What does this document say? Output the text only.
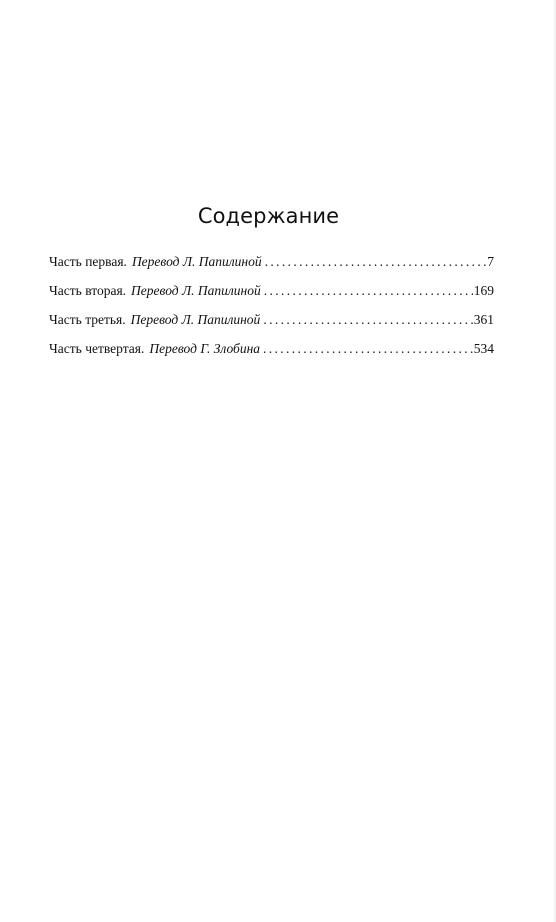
Содержание
Часть первая. Перевод Л. Папилиной . . .	7
Часть вторая. Перевод Л. Папилиной . . .	169
Часть третья. Перевод Л. Папилиной . . .	361
Часть четвертая. Перевод Г. Злобина . . .	534
